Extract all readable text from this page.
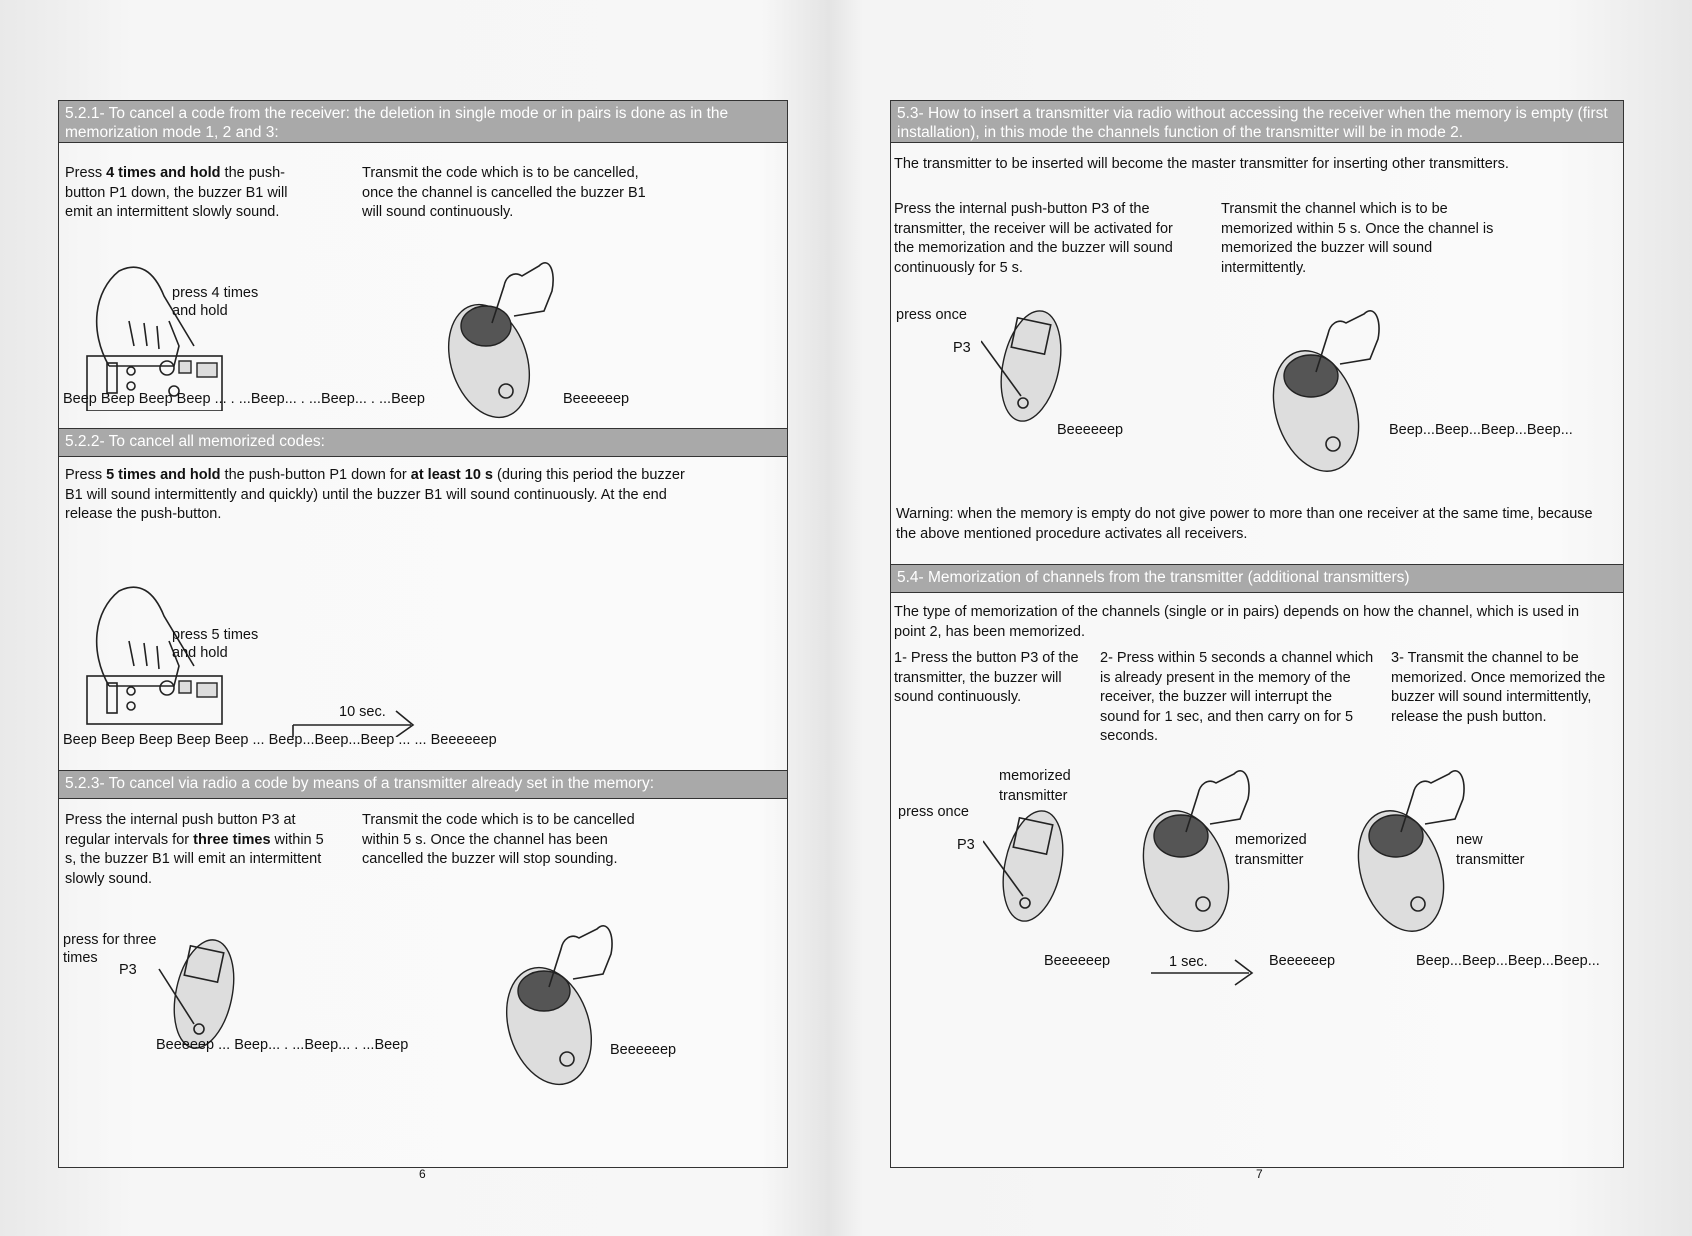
5.2.1- To cancel a code from the receiver: the deletion in single mode or in pairs is done as in the memorization mode 1, 2 and 3:
Press 4 times and hold the push-button P1 down, the buzzer B1 will emit an intermittent slowly sound.
Transmit the code which is to be cancelled, once the channel is cancelled the buzzer B1 will sound continuously.
press 4 times
and hold
Beep Beep Beep Beep ... . ...Beep... . ...Beep... . ...Beep	Beeeeeep
5.2.2- To cancel all memorized codes:
Press 5 times and hold the push-button P1 down for at least 10 s (during this period the buzzer B1 will sound intermittently and quickly) until the buzzer B1 will sound continuously. At the end release the push-button.
press 5 times
and hold
10 sec.
Beep Beep Beep Beep Beep ... Beep...Beep...Beep ... ... Beeeeeep
5.2.3- To cancel via radio a code by means of a transmitter already set in the memory:
Press the internal push button P3 at regular intervals for three times within 5 s, the buzzer B1 will emit an intermittent slowly sound.
Transmit the code which is to be cancelled within 5 s. Once the channel has been cancelled the buzzer will stop sounding.
press for three
times
P3
Beeeeep ... Beep... . ...Beep... . ...Beep	Beeeeeep
6
5.3- How to insert a transmitter via radio without accessing the receiver when the memory is empty (first installation), in this mode the channels function of the transmitter will be in mode 2.
The transmitter to be inserted will become the master transmitter for inserting other transmitters.
Press the internal push-button P3 of the transmitter, the receiver will be activated for the memorization and the buzzer will sound continuously for 5 s.
Transmit the channel which is to be memorized within 5 s. Once the channel is memorized the buzzer will sound intermittently.
press once
P3
Beeeeeep	Beep...Beep...Beep...Beep...
Warning: when the memory is empty do not give power to more than one receiver at the same time, because the above mentioned procedure activates all receivers.
5.4- Memorization of channels from the transmitter (additional transmitters)
The type of memorization of the channels (single or in pairs) depends on how the channel, which is used in point 2, has been memorized.
1- Press the button P3 of the transmitter, the buzzer will sound continuously.
2- Press within 5 seconds a channel which is already present in the memory of the receiver, the buzzer will interrupt the sound for 1 sec, and then carry on for 5 seconds.
3- Transmit the channel to be memorized. Once memorized the buzzer will sound intermittently, release the push button.
memorized
transmitter
press once
P3	memorized
transmitter
new
transmitter
Beeeeeep	1 sec.	Beeeeeep	Beep...Beep...Beep...Beep...
7
